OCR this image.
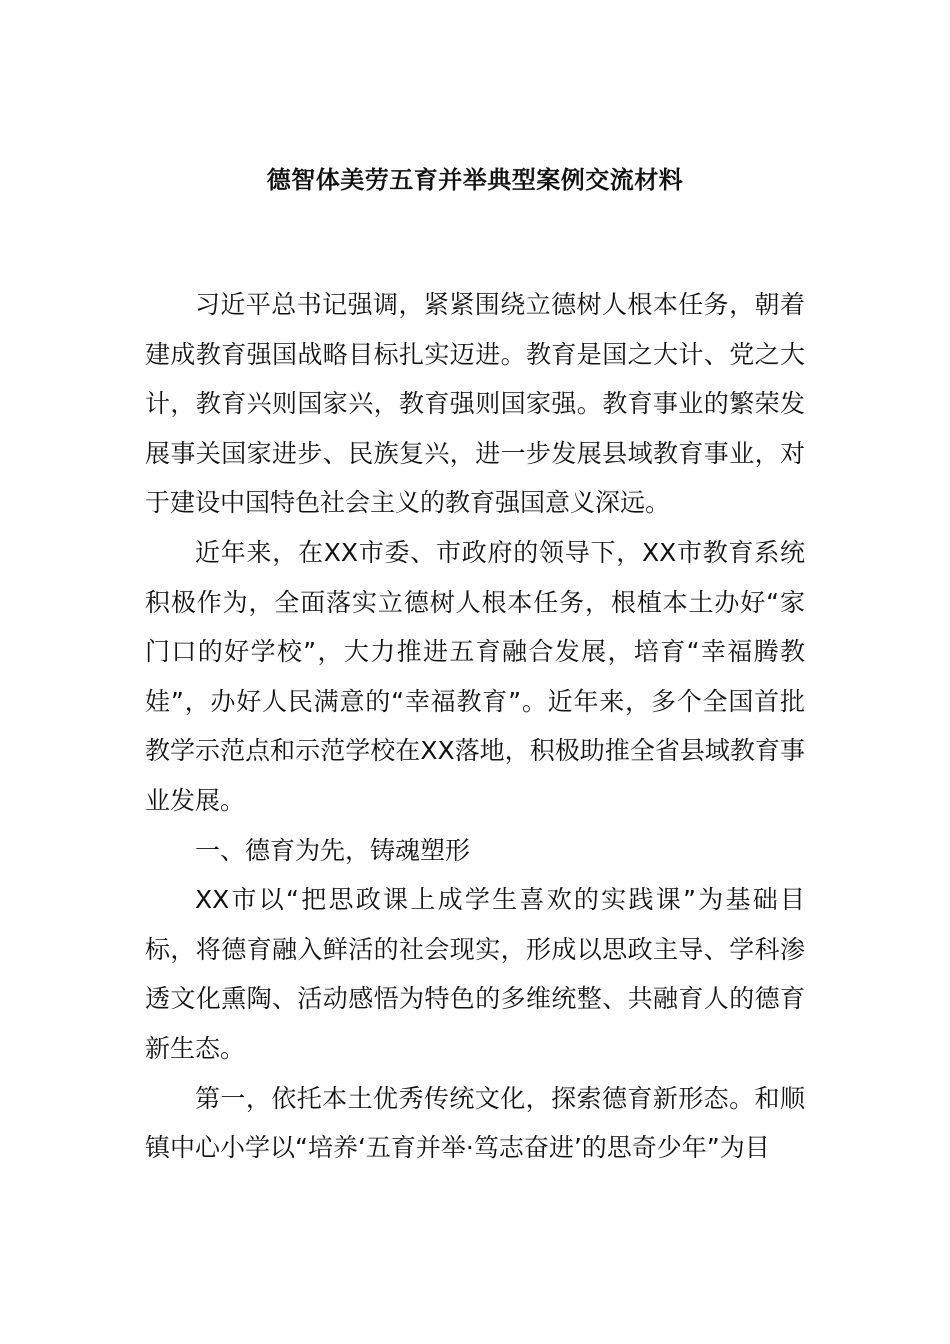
德智体美劳五育并举典型案例交流材料

习近平总书记强调，紧紧围绕立德树人根本任务，朝着建成教育强国战略目标扎实迈进。教育是国之大计、党之大计，教育兴则国家兴，教育强则国家强。教育事业的繁荣发展事关国家进步、民族复兴，进一步发展县域教育事业，对于建设中国特色社会主义的教育强国意义深远。

近年来，在XX市委、市政府的领导下，XX市教育系统积极作为，全面落实立德树人根本任务，根植本土办好“家门口的好学校”，大力推进五育融合发展，培育“幸福腾教娃”，办好人民满意的“幸福教育”。近年来，多个全国首批教学示范点和示范学校在XX落地，积极助推全省县域教育事业发展。

一、德育为先，铸魂塑形

XX市以“把思政课上成学生喜欢的实践课”为基础目标，将德育融入鲜活的社会现实，形成以思政主导、学科渗透文化熏陶、活动感悟为特色的多维统整、共融育人的德育新生态。

第一，依托本土优秀传统文化，探索德育新形态。和顺镇中心小学以“培养‘五育并举·笃志奋进’的思奇少年”为目
